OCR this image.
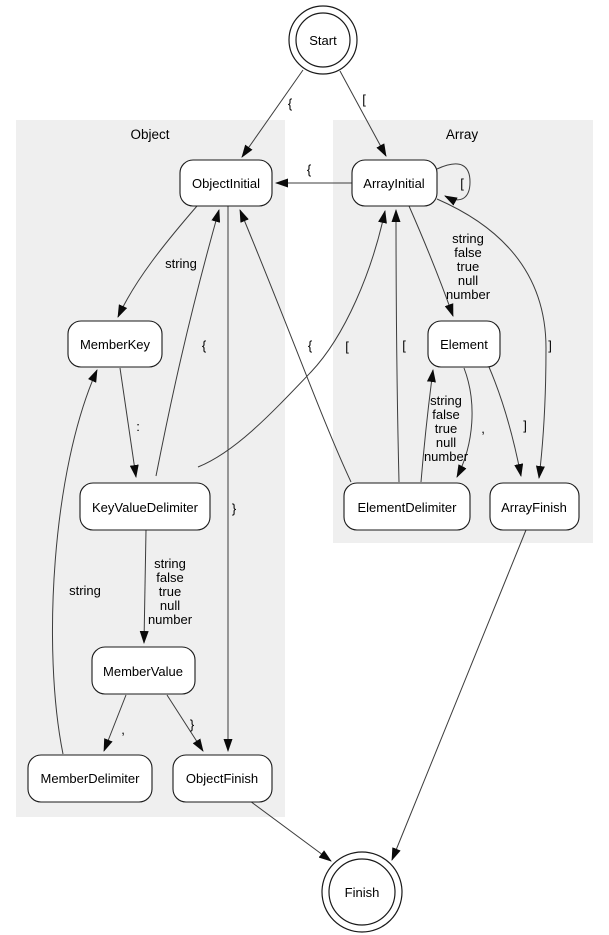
Object	Array
{	[
{
[
string
:
string false true null number
{	[
,	}
string
}
string false true null number
,
string false true null number
]
]
{	[
Start
ObjectInitial	ArrayInitial
MemberKey	Element
KeyValueDelimiter	ElementDelimiter	ArrayFinish
MemberValue
MemberDelimiter	ObjectFinish
Finish
